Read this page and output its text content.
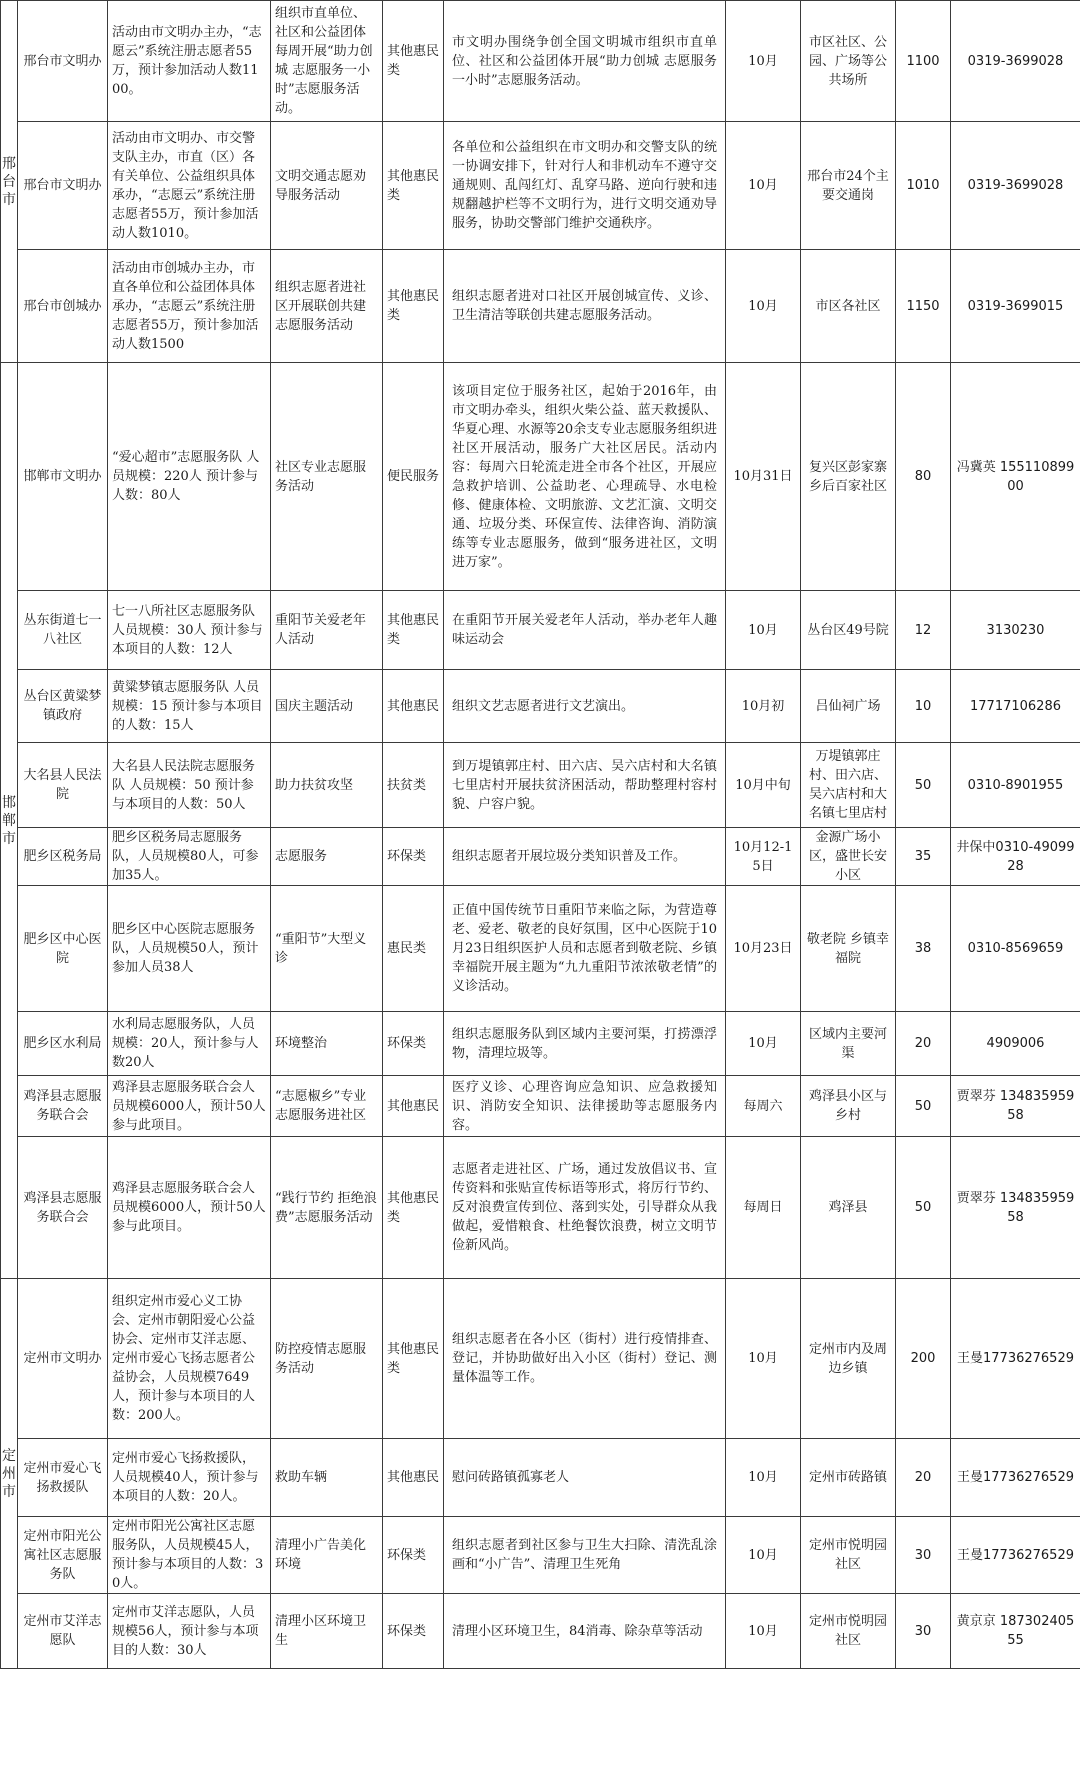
邢台市	邢台市文明办	活动由市文明办主办，“志愿云”系统注册志愿者55万，预计参加活动人数1100。	组织市直单位、社区和公益团体每周开展“助力创城 志愿服务一小时”志愿服务活动。	其他惠民类	市文明办围绕争创全国文明城市组织市直单位、社区和公益团体开展“助力创城 志愿服务一小时”志愿服务活动。	10月	市区社区、公园、广场等公共场所	1100	0319-3699028
	邢台市文明办	活动由市文明办、市交警支队主办，市直（区）各有关单位、公益组织具体承办，“志愿云”系统注册志愿者55万，预计参加活动人数1010。	文明交通志愿劝导服务活动	其他惠民类	各单位和公益组织在市文明办和交警支队的统一协调安排下，针对行人和非机动车不遵守交通规则、乱闯红灯、乱穿马路、逆向行驶和违规翻越护栏等不文明行为，进行文明交通劝导服务，协助交警部门维护交通秩序。	10月	邢台市24个主要交通岗	1010	0319-3699028
	邢台市创城办	活动由市创城办主办，市直各单位和公益团体具体承办，“志愿云”系统注册志愿者55万，预计参加活动人数1500	组织志愿者进社区开展联创共建志愿服务活动	其他惠民类	组织志愿者进对口社区开展创城宣传、义诊、卫生清洁等联创共建志愿服务活动。	10月	市区各社区	1150	0319-3699015
邯郸市	邯郸市文明办	“爱心超市”志愿服务队 人员规模：220人 预计参与人数：80人	社区专业志愿服务活动	便民服务	该项目定位于服务社区，起始于2016年，由市文明办牵头，组织火柴公益、蓝天救援队、华夏心理、水源等20余支专业志愿服务组织进社区开展活动，服务广大社区居民。活动内容：每周六日轮流走进全市各个社区，开展应急救护培训、公益助老、心理疏导、水电检修、健康体检、文明旅游、文艺汇演、文明交通、垃圾分类、环保宣传、法律咨询、消防演练等专业志愿服务，做到“服务进社区，文明进万家”。	10月31日	复兴区彭家寨乡后百家社区	80	冯冀英 15511089900
	丛东街道七一八社区	七一八所社区志愿服务队 人员规模：30人 预计参与本项目的人数：12人	重阳节关爱老年人活动	其他惠民类	在重阳节开展关爱老年人活动，举办老年人趣味运动会	10月	丛台区49号院	12	3130230
	丛台区黄粱梦镇政府	黄粱梦镇志愿服务队 人员规模：15 预计参与本项目的人数：15人	国庆主题活动	其他惠民	组织文艺志愿者进行文艺演出。	10月初	吕仙祠广场	10	17717106286
	大名县人民法院	大名县人民法院志愿服务队 人员规模：50 预计参与本项目的人数：50人	助力扶贫攻坚	扶贫类	到万堤镇郭庄村、田六店、吴六店村和大名镇七里店村开展扶贫济困活动，帮助整理村容村貌、户容户貌。	10月中旬	万堤镇郭庄村、田六店、吴六店村和大名镇七里店村	50	0310-8901955
	肥乡区税务局	肥乡区税务局志愿服务队，人员规模80人，可参加35人。	志愿服务	环保类	组织志愿者开展垃圾分类知识普及工作。	10月12-15日	金源广场小区，盛世长安小区	35	井保中0310-4909928
	肥乡区中心医院	肥乡区中心医院志愿服务队，人员规模50人，预计参加人员38人	“重阳节”大型义诊	惠民类	正值中国传统节日重阳节来临之际，为营造尊老、爱老、敬老的良好氛围，区中心医院于10月23日组织医护人员和志愿者到敬老院、乡镇幸福院开展主题为“九九重阳节浓浓敬老情”的义诊活动。	10月23日	敬老院 乡镇幸福院	38	0310-8569659
	肥乡区水利局	水利局志愿服务队，人员规模：20人，预计参与人数20人	环境整治	环保类	组织志愿服务队到区域内主要河渠，打捞漂浮物，清理垃圾等。	10月	区域内主要河渠	20	4909006
	鸡泽县志愿服务联合会	鸡泽县志愿服务联合会人员规模6000人，预计50人参与此项目。	“志愿椒乡”专业志愿服务进社区	其他惠民	医疗义诊、心理咨询应急知识、应急救援知识、消防安全知识、法律援助等志愿服务内容。	每周六	鸡泽县小区与乡村	50	贾翠芬 13483595958
	鸡泽县志愿服务联合会	鸡泽县志愿服务联合会人员规模6000人，预计50人参与此项目。	“践行节约 拒绝浪费”志愿服务活动	其他惠民类	志愿者走进社区、广场，通过发放倡议书、宣传资料和张贴宣传标语等形式，将厉行节约、反对浪费宣传到位、落到实处，引导群众从我做起，爱惜粮食、杜绝餐饮浪费，树立文明节俭新风尚。	每周日	鸡泽县	50	贾翠芬 13483595958
定州市	定州市文明办	组织定州市爱心义工协会、定州市朝阳爱心公益协会、定州市艾洋志愿、定州市爱心飞扬志愿者公益协会，人员规模7649人，预计参与本项目的人数：200人。	防控疫情志愿服务活动	其他惠民类	组织志愿者在各小区（街村）进行疫情排查、登记，并协助做好出入小区（街村）登记、测量体温等工作。	10月	定州市内及周边乡镇	200	王曼17736276529
	定州市爱心飞扬救援队	定州市爱心飞扬救援队，人员规模40人，预计参与本项目的人数：20人。	救助车辆	其他惠民	慰问砖路镇孤寡老人	10月	定州市砖路镇	20	王曼17736276529
	定州市阳光公寓社区志愿服务队	定州市阳光公寓社区志愿服务队，人员规模45人，预计参与本项目的人数：30人。	清理小广告美化环境	环保类	组织志愿者到社区参与卫生大扫除、清洗乱涂画和“小广告”、清理卫生死角	10月	定州市悦明园社区	30	王曼17736276529
	定州市艾洋志愿队	定州市艾洋志愿队，人员规模56人，预计参与本项目的人数：30人	清理小区环境卫生	环保类	清理小区环境卫生，84消毒、除杂草等活动	10月	定州市悦明园社区	30	黄京京 18730240555
